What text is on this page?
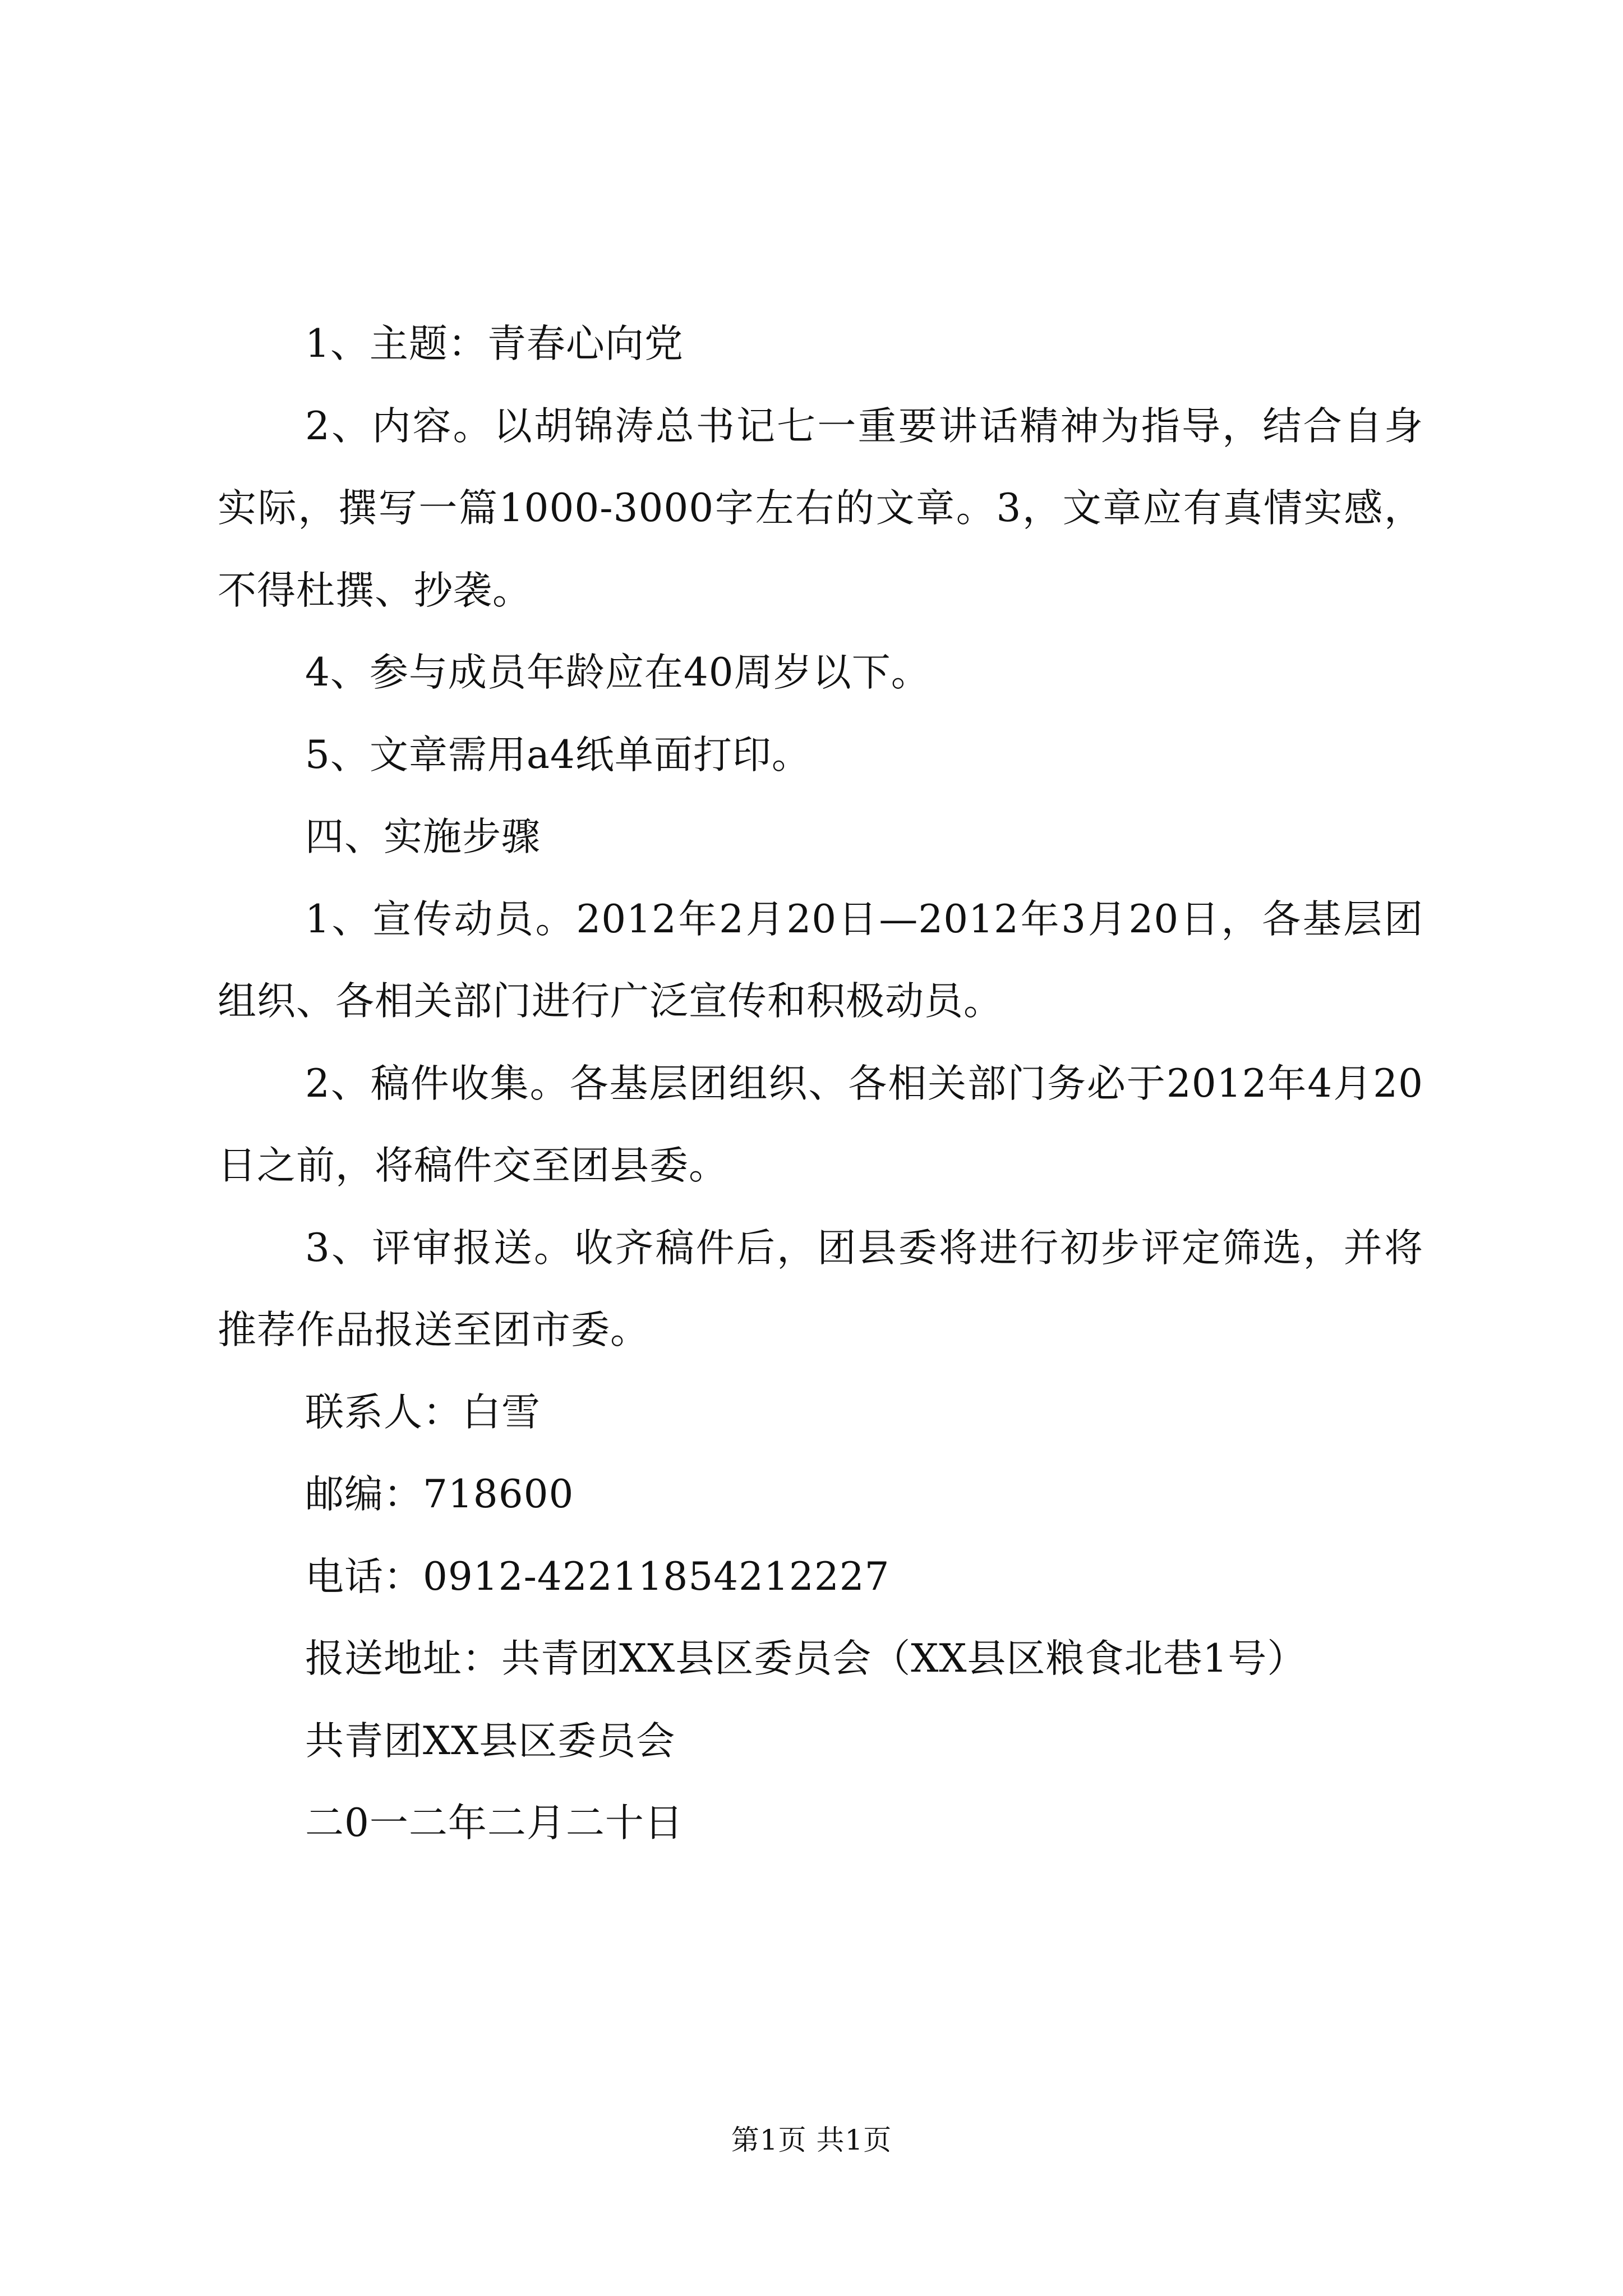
1、主题：青春心向党

2、内容。以胡锦涛总书记七一重要讲话精神为指导，结合自身实际，撰写一篇1000-3000字左右的文章。3，文章应有真情实感，不得杜撰、抄袭。

4、参与成员年龄应在40周岁以下。

5、文章需用a4纸单面打印。

四、实施步骤

1、宣传动员。2012年2月20日—2012年3月20日，各基层团组织、各相关部门进行广泛宣传和积极动员。

2、稿件收集。各基层团组织、各相关部门务必于2012年4月20日之前，将稿件交至团县委。

3、评审报送。收齐稿件后，团县委将进行初步评定筛选，并将推荐作品报送至团市委。

联系人：白雪

邮编：718600

电话：0912-42211854212227

报送地址：共青团XX县区委员会（XX县区粮食北巷1号）

共青团XX县区委员会

二0一二年二月二十日

第1页 共1页
